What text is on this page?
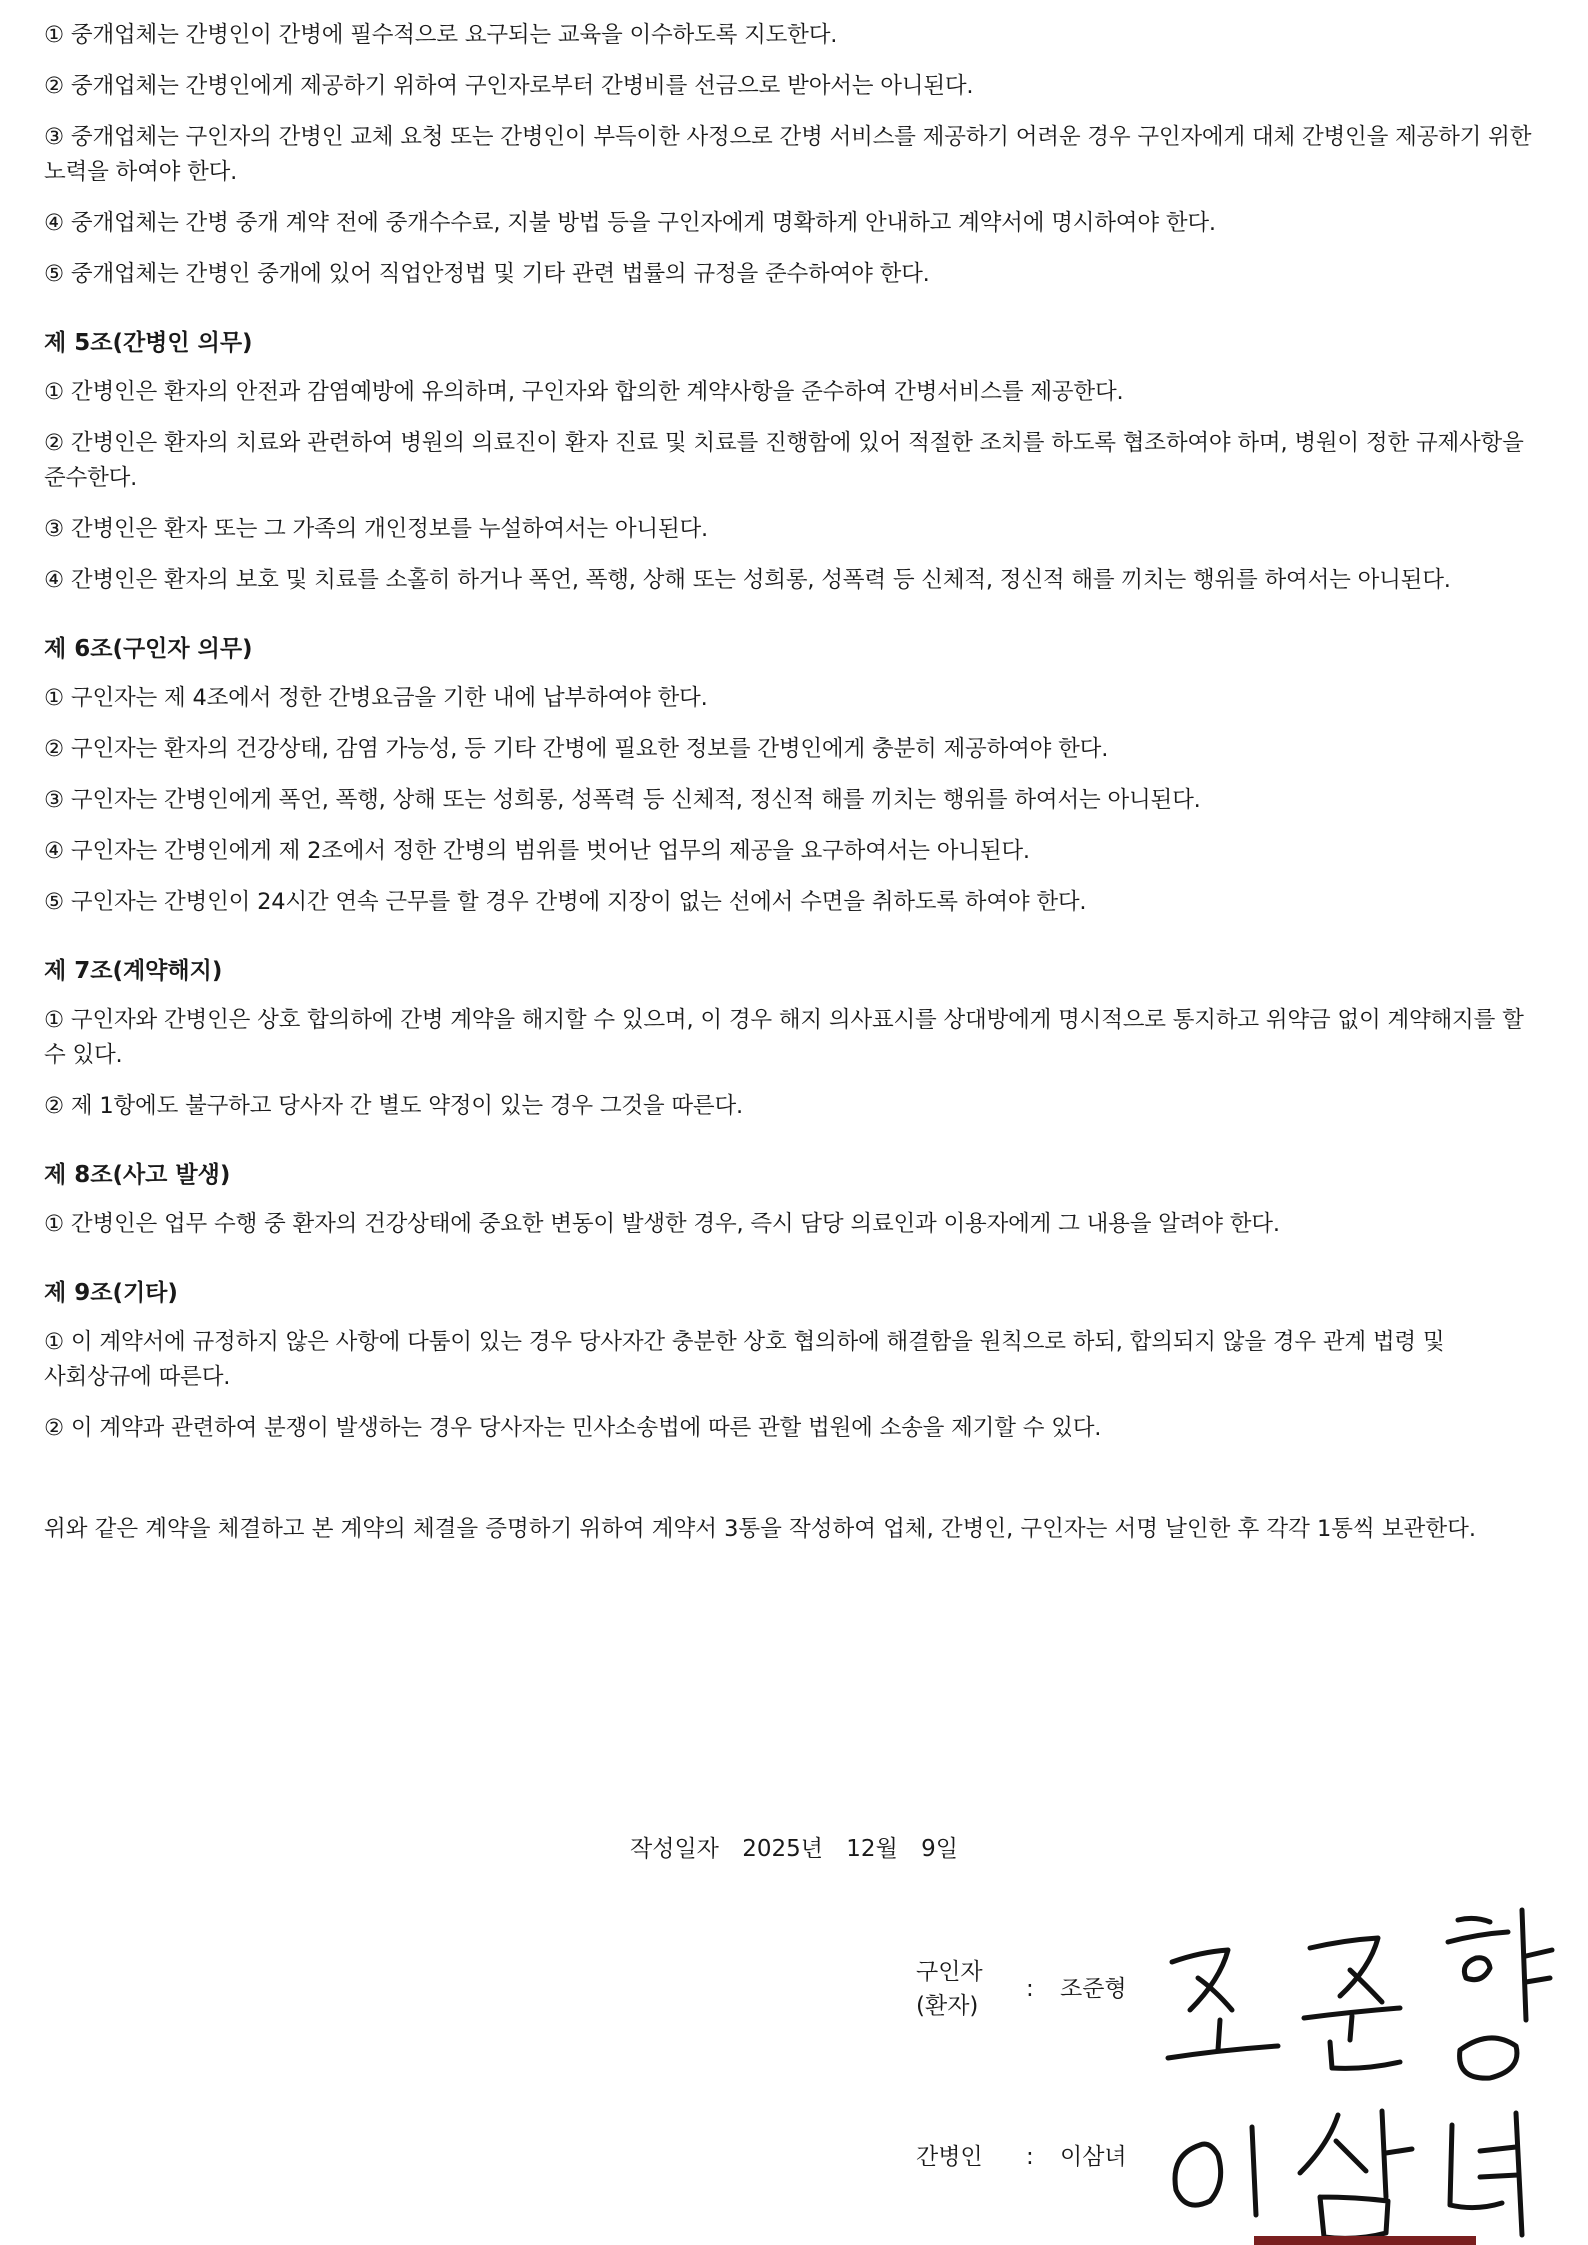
① 중개업체는 간병인이 간병에 필수적으로 요구되는 교육을 이수하도록 지도한다.

② 중개업체는 간병인에게 제공하기 위하여 구인자로부터 간병비를 선금으로 받아서는 아니된다.

③ 중개업체는 구인자의 간병인 교체 요청 또는 간병인이 부득이한 사정으로 간병 서비스를 제공하기 어려운 경우 구인자에게 대체 간병인을 제공하기 위한 노력을 하여야 한다.

④ 중개업체는 간병 중개 계약 전에 중개수수료, 지불 방법 등을 구인자에게 명확하게 안내하고 계약서에 명시하여야 한다.

⑤ 중개업체는 간병인 중개에 있어 직업안정법 및 기타 관련 법률의 규정을 준수하여야 한다.

제 5조(간병인 의무)

① 간병인은 환자의 안전과 감염예방에 유의하며, 구인자와 합의한 계약사항을 준수하여 간병서비스를 제공한다.

② 간병인은 환자의 치료와 관련하여 병원의 의료진이 환자 진료 및 치료를 진행함에 있어 적절한 조치를 하도록 협조하여야 하며, 병원이 정한 규제사항을 준수한다.

③ 간병인은 환자 또는 그 가족의 개인정보를 누설하여서는 아니된다.

④ 간병인은 환자의 보호 및 치료를 소홀히 하거나 폭언, 폭행, 상해 또는 성희롱, 성폭력 등 신체적, 정신적 해를 끼치는 행위를 하여서는 아니된다.

제 6조(구인자 의무)

① 구인자는 제 4조에서 정한 간병요금을 기한 내에 납부하여야 한다.

② 구인자는 환자의 건강상태, 감염 가능성, 등 기타 간병에 필요한 정보를 간병인에게 충분히 제공하여야 한다.

③ 구인자는 간병인에게 폭언, 폭행, 상해 또는 성희롱, 성폭력 등 신체적, 정신적 해를 끼치는 행위를 하여서는 아니된다.

④ 구인자는 간병인에게 제 2조에서 정한 간병의 범위를 벗어난 업무의 제공을 요구하여서는 아니된다.

⑤ 구인자는 간병인이 24시간 연속 근무를 할 경우 간병에 지장이 없는 선에서 수면을 취하도록 하여야 한다.

제 7조(계약해지)

① 구인자와 간병인은 상호 합의하에 간병 계약을 해지할 수 있으며, 이 경우 해지 의사표시를 상대방에게 명시적으로 통지하고 위약금 없이 계약해지를 할 수 있다.

② 제 1항에도 불구하고 당사자 간 별도 약정이 있는 경우 그것을 따른다.

제 8조(사고 발생)

① 간병인은 업무 수행 중 환자의 건강상태에 중요한 변동이 발생한 경우, 즉시 담당 의료인과 이용자에게 그 내용을 알려야 한다.

제 9조(기타)

① 이 계약서에 규정하지 않은 사항에 다툼이 있는 경우 당사자간 충분한 상호 협의하에 해결함을 원칙으로 하되, 합의되지 않을 경우 관계 법령 및 사회상규에 따른다.

② 이 계약과 관련하여 분쟁이 발생하는 경우 당사자는 민사소송법에 따른 관할 법원에 소송을 제기할 수 있다.

위와 같은 계약을 체결하고 본 계약의 체결을 증명하기 위하여 계약서 3통을 작성하여 업체, 간병인, 구인자는 서명 날인한 후 각각 1통씩 보관한다.

작성일자 2025년 12월 9일
구인자
(환자)
: 조준형
간병인	: 이삼녀
